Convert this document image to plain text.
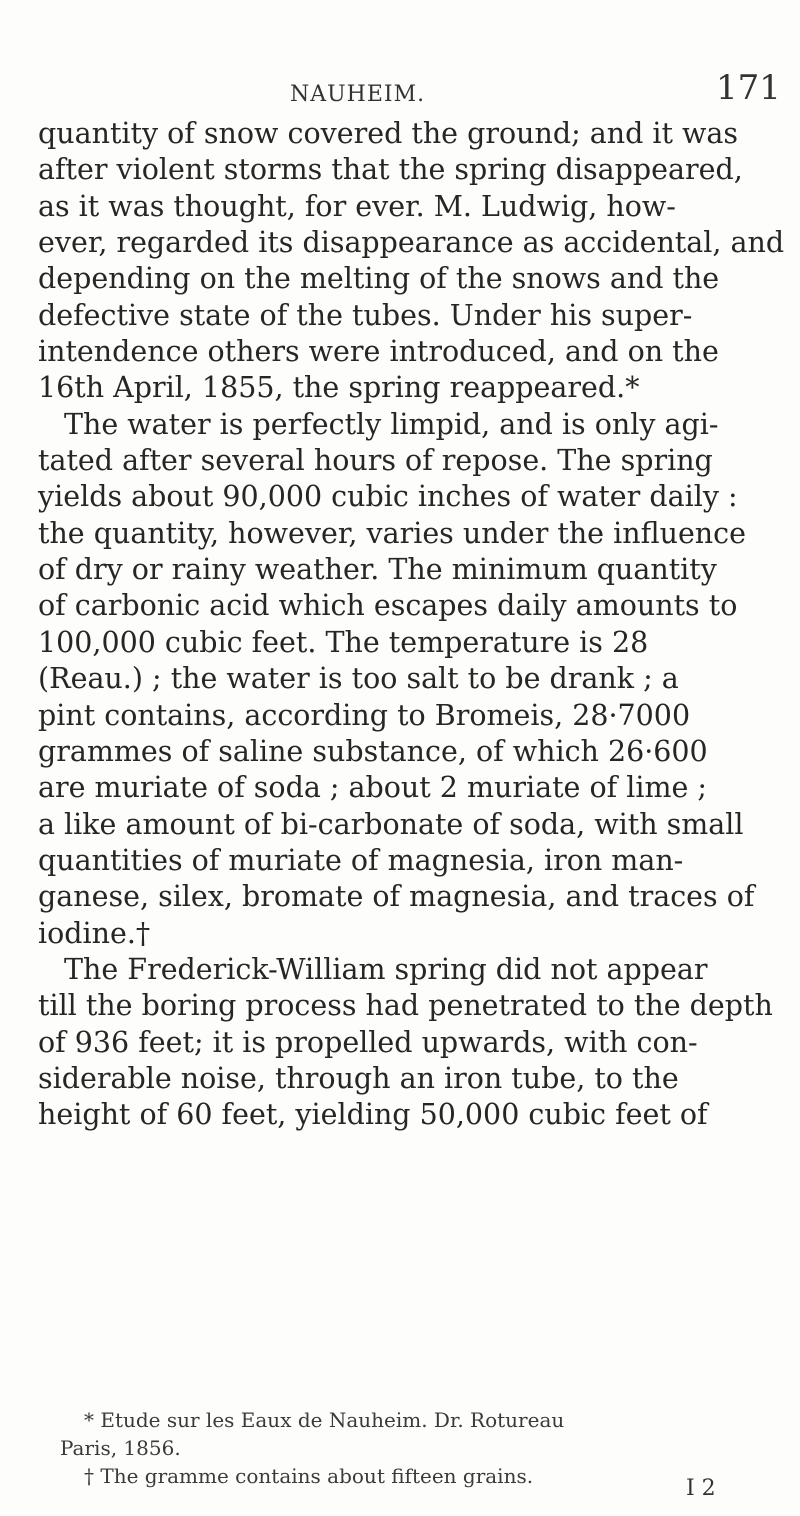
NAUHEIM.	171
quantity of snow covered the ground; and it was
after violent storms that the spring disappeared,
as it was thought, for ever. M. Ludwig, how-
ever, regarded its disappearance as accidental, and
depending on the melting of the snows and the
defective state of the tubes. Under his super-
intendence others were introduced, and on the
16th April, 1855, the spring reappeared.*
The water is perfectly limpid, and is only agi-
tated after several hours of repose. The spring
yields about 90,000 cubic inches of water daily :
the quantity, however, varies under the influence
of dry or rainy weather. The minimum quantity
of carbonic acid which escapes daily amounts to
100,000 cubic feet. The temperature is 28
(Reau.) ; the water is too salt to be drank ; a
pint contains, according to Bromeis, 28·7000
grammes of saline substance, of which 26·600
are muriate of soda ; about 2 muriate of lime ;
a like amount of bi-carbonate of soda, with small
quantities of muriate of magnesia, iron man-
ganese, silex, bromate of magnesia, and traces of
iodine.†
The Frederick-William spring did not appear
till the boring process had penetrated to the depth
of 936 feet; it is propelled upwards, with con-
siderable noise, through an iron tube, to the
height of 60 feet, yielding 50,000 cubic feet of
* Etude sur les Eaux de Nauheim. Dr. Rotureau
Paris, 1856.
† The gramme contains about fifteen grains.	I 2
